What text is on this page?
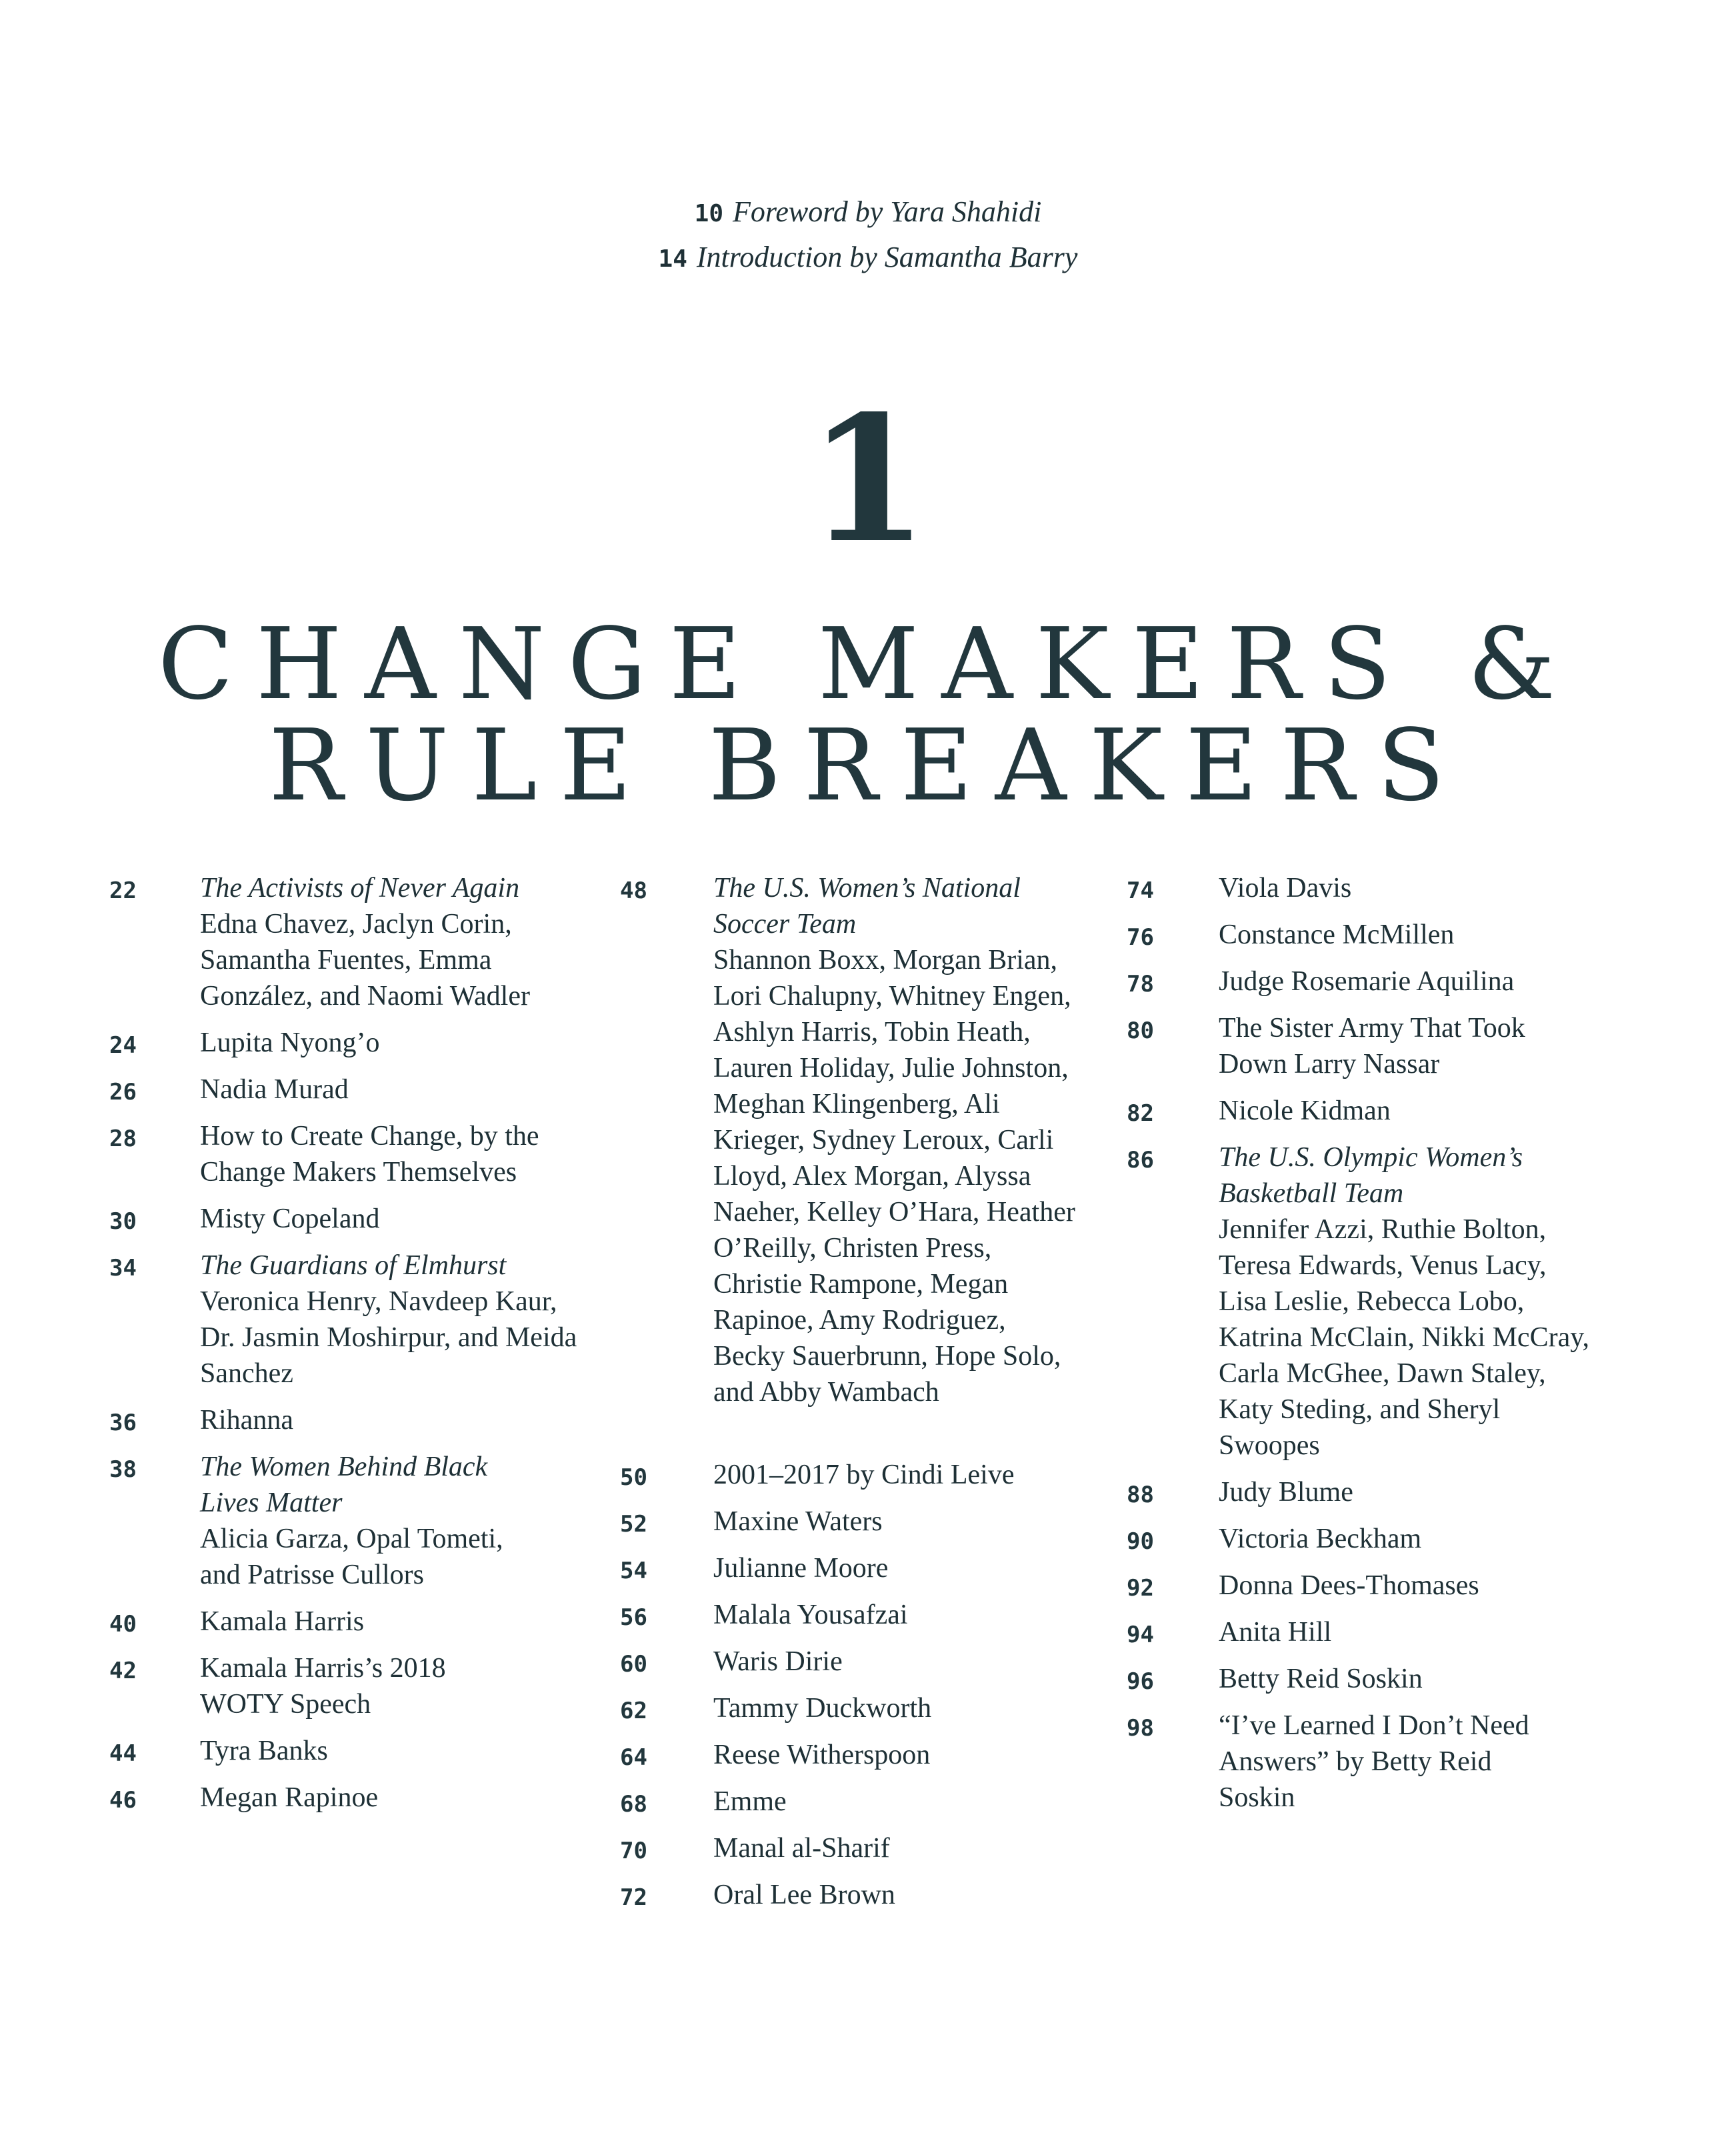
10 Foreword by Yara Shahidi
14 Introduction by Samantha Barry
1
CHANGE MAKERS &
RULE BREAKERS
22 The Activists of Never Again
Edna Chavez, Jaclyn Corin, Samantha Fuentes, Emma González, and Naomi Wadler
24 Lupita Nyong’o
26 Nadia Murad
28 How to Create Change, by the Change Makers Themselves
30 Misty Copeland
34 The Guardians of Elmhurst
Veronica Henry, Navdeep Kaur, Dr. Jasmin Moshirpur, and Meida Sanchez
36 Rihanna
38 The Women Behind Black Lives Matter
Alicia Garza, Opal Tometi, and Patrisse Cullors
40 Kamala Harris
42 Kamala Harris’s 2018 WOTY Speech
44 Tyra Banks
46 Megan Rapinoe
48 The U.S. Women’s National Soccer Team
Shannon Boxx, Morgan Brian, Lori Chalupny, Whitney Engen, Ashlyn Harris, Tobin Heath, Lauren Holiday, Julie Johnston, Meghan Klingenberg, Ali Krieger, Sydney Leroux, Carli Lloyd, Alex Morgan, Alyssa Naeher, Kelley O’Hara, Heather O’Reilly, Christen Press, Christie Rampone, Megan Rapinoe, Amy Rodriguez, Becky Sauerbrunn, Hope Solo, and Abby Wambach
50 2001–2017 by Cindi Leive
52 Maxine Waters
54 Julianne Moore
56 Malala Yousafzai
60 Waris Dirie
62 Tammy Duckworth
64 Reese Witherspoon
68 Emme
70 Manal al-Sharif
72 Oral Lee Brown
74 Viola Davis
76 Constance McMillen
78 Judge Rosemarie Aquilina
80 The Sister Army That Took Down Larry Nassar
82 Nicole Kidman
86 The U.S. Olympic Women’s Basketball Team
Jennifer Azzi, Ruthie Bolton, Teresa Edwards, Venus Lacy, Lisa Leslie, Rebecca Lobo, Katrina McClain, Nikki McCray, Carla McGhee, Dawn Staley, Katy Steding, and Sheryl Swoopes
88 Judy Blume
90 Victoria Beckham
92 Donna Dees-Thomases
94 Anita Hill
96 Betty Reid Soskin
98 “I’ve Learned I Don’t Need Answers” by Betty Reid Soskin
